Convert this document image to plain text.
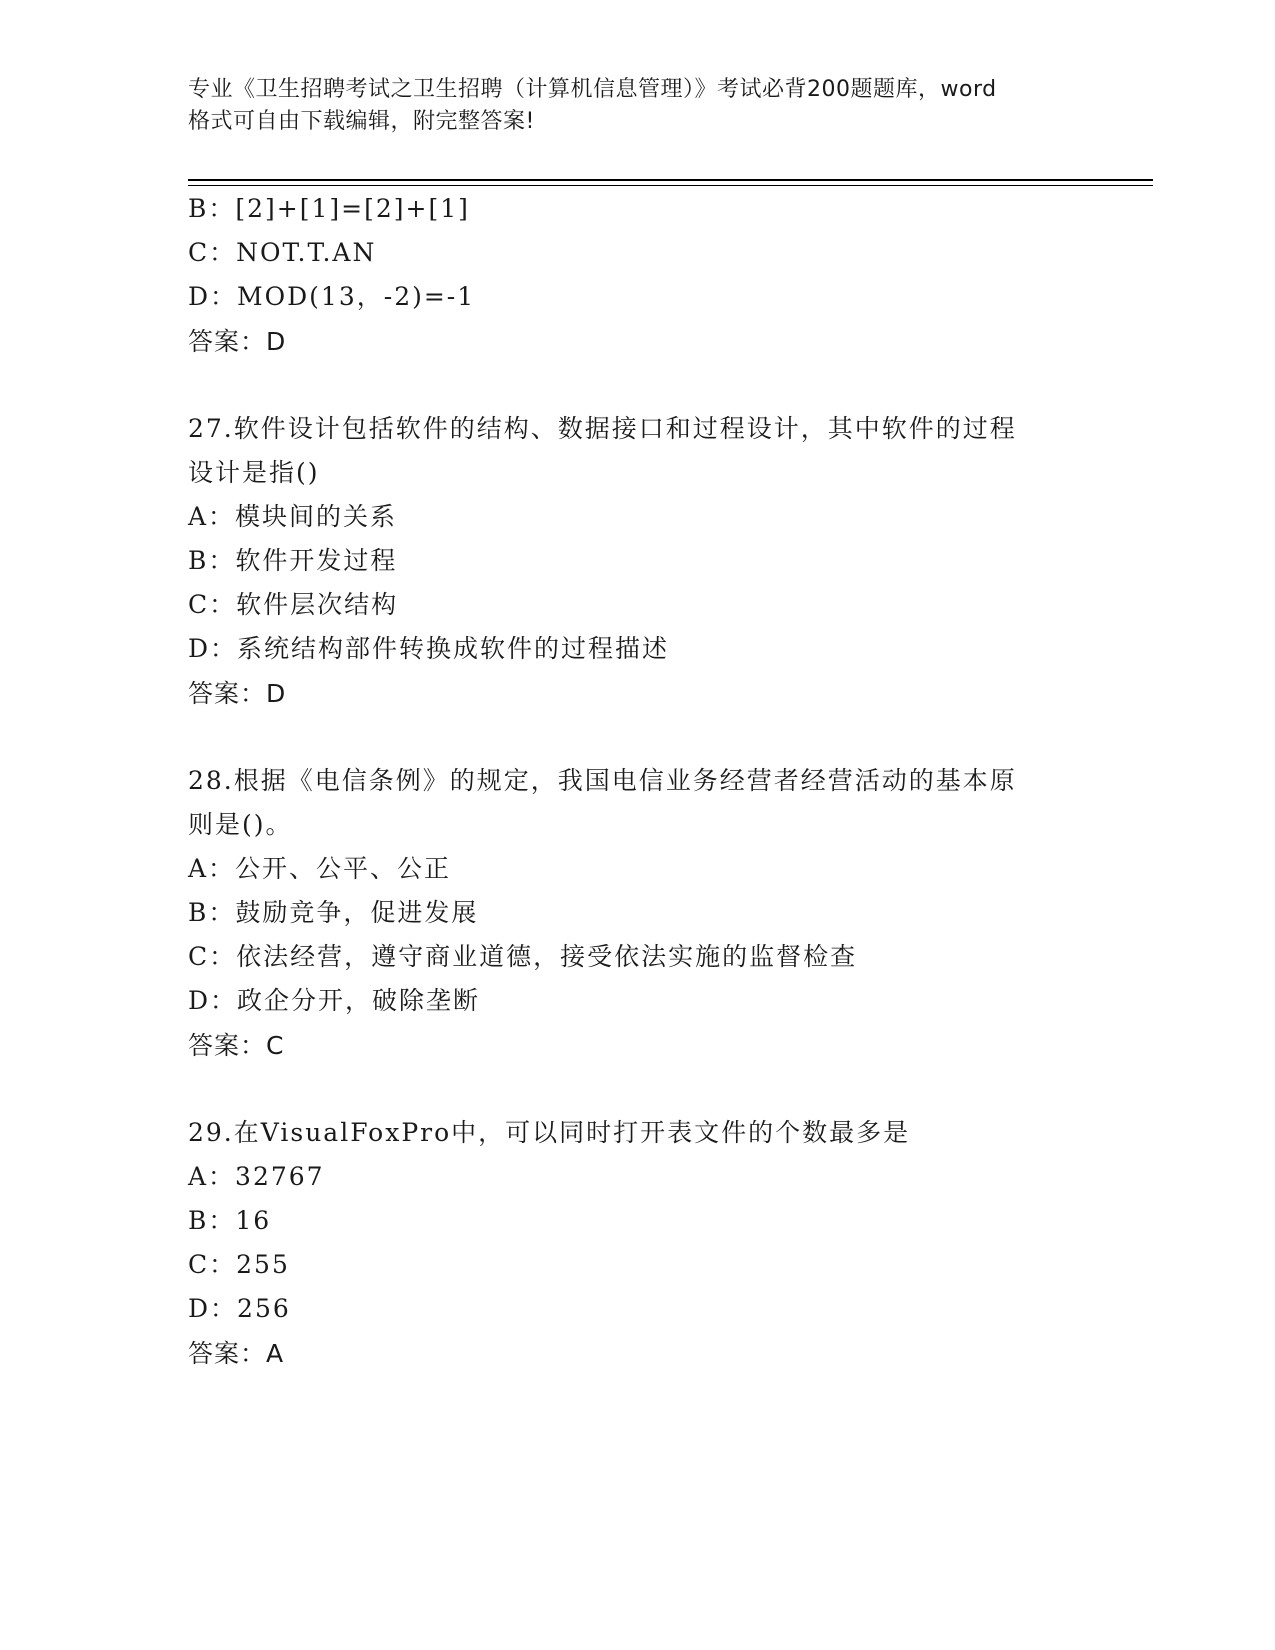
专业《卫生招聘考试之卫生招聘（计算机信息管理）》考试必背200题题库，word
格式可自由下载编辑，附完整答案!
B：[2]+[1]=[2]+[1]
C：NOT.T.AN
D：MOD(13，-2)=-1
答案：D
27.软件设计包括软件的结构、数据接口和过程设计，其中软件的过程
设计是指()
A：模块间的关系
B：软件开发过程
C：软件层次结构
D：系统结构部件转换成软件的过程描述
答案：D
28.根据《电信条例》的规定，我国电信业务经营者经营活动的基本原
则是()。
A：公开、公平、公正
B：鼓励竞争，促进发展
C：依法经营，遵守商业道德，接受依法实施的监督检查
D：政企分开，破除垄断
答案：C
29.在VisualFoxPro中，可以同时打开表文件的个数最多是
A：32767
B：16
C：255
D：256
答案：A
